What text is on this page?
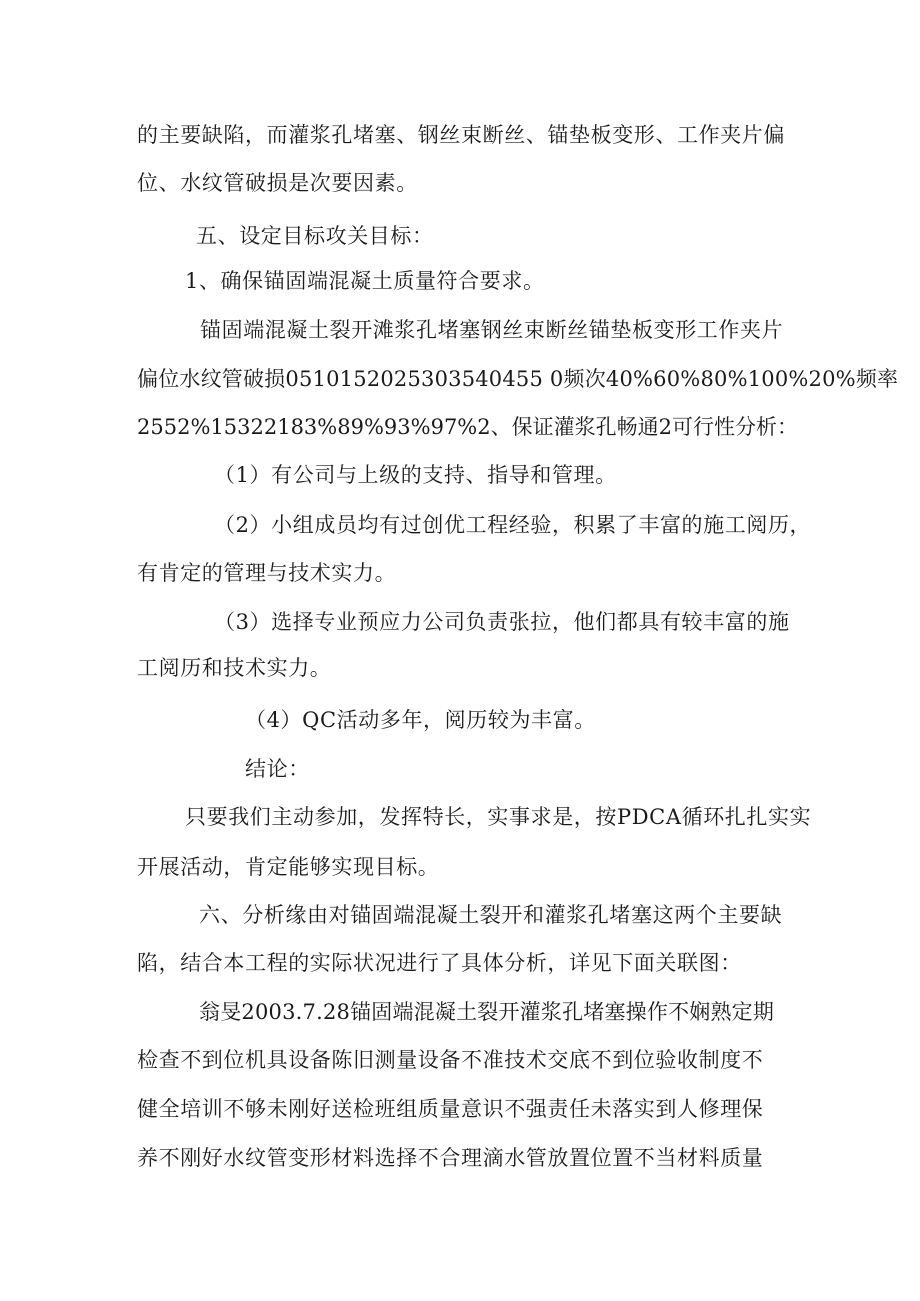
的主要缺陷，而灌浆孔堵塞、钢丝束断丝、锚垫板变形、工作夹片偏
位、水纹管破损是次要因素。
五、设定目标攻关目标：
1、确保锚固端混凝土质量符合要求。
锚固端混凝土裂开滩浆孔堵塞钢丝束断丝锚垫板变形工作夹片
偏位水纹管破损0510152025303540455 0频次40%60%80%100%20%频率
2552%15322183%89%93%97%2、保证灌浆孔畅通2可行性分析：
（1）有公司与上级的支持、指导和管理。
（2）小组成员均有过创优工程经验，积累了丰富的施工阅历，
有肯定的管理与技术实力。
（3）选择专业预应力公司负责张拉，他们都具有较丰富的施
工阅历和技术实力。
（4）QC活动多年，阅历较为丰富。
结论：
只要我们主动参加，发挥特长，实事求是，按PDCA循环扎扎实实
开展活动，肯定能够实现目标。
六、分析缘由对锚固端混凝土裂开和灌浆孔堵塞这两个主要缺
陷，结合本工程的实际状况进行了具体分析，详见下面关联图：
翁旻2003.7.28锚固端混凝土裂开灌浆孔堵塞操作不娴熟定期
检查不到位机具设备陈旧测量设备不准技术交底不到位验收制度不
健全培训不够未刚好送检班组质量意识不强责任未落实到人修理保
养不刚好水纹管变形材料选择不合理滴水管放置位置不当材料质量
